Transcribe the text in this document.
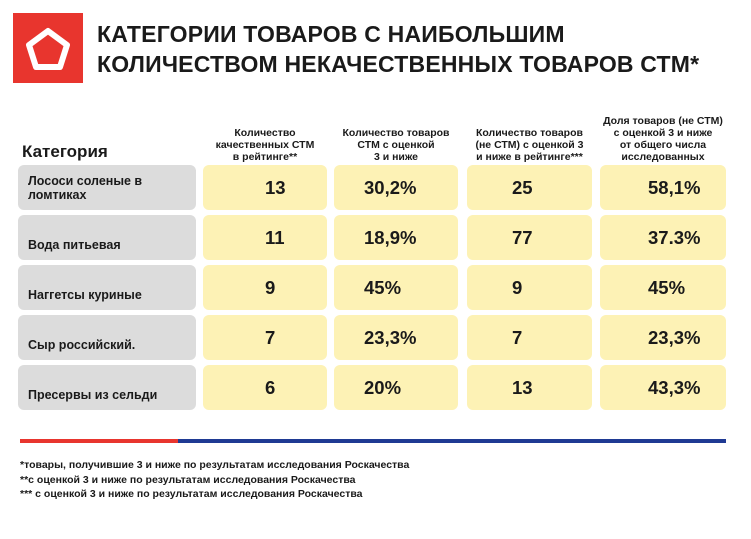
КАТЕГОРИИ ТОВАРОВ С НАИБОЛЬШИМ
КОЛИЧЕСТВОМ НЕКАЧЕСТВЕННЫХ ТОВАРОВ СТМ*
Категория
Количество
качественных СТМ
в рейтинге**
Количество товаров
СТМ с оценкой
3 и ниже
Количество товаров
(не СТМ) с оценкой 3
и ниже в рейтинге***
Доля товаров (не СТМ)
с оценкой 3 и ниже
от общего числа
исследованных
Лососи соленые в ломтиках	13	30,2%	25	58,1%
Вода питьевая	11	18,9%	77	37.3%
Наггетсы куриные	9	45%	9	45%
Сыр российский.	7	23,3%	7	23,3%
Пресервы из сельди	6	20%	13	43,3%
*товары, получившие 3 и ниже по результатам исследования Роскачества
**с оценкой 3 и ниже по результатам исследования Роскачества
*** с оценкой 3 и ниже по результатам исследования Роскачества
